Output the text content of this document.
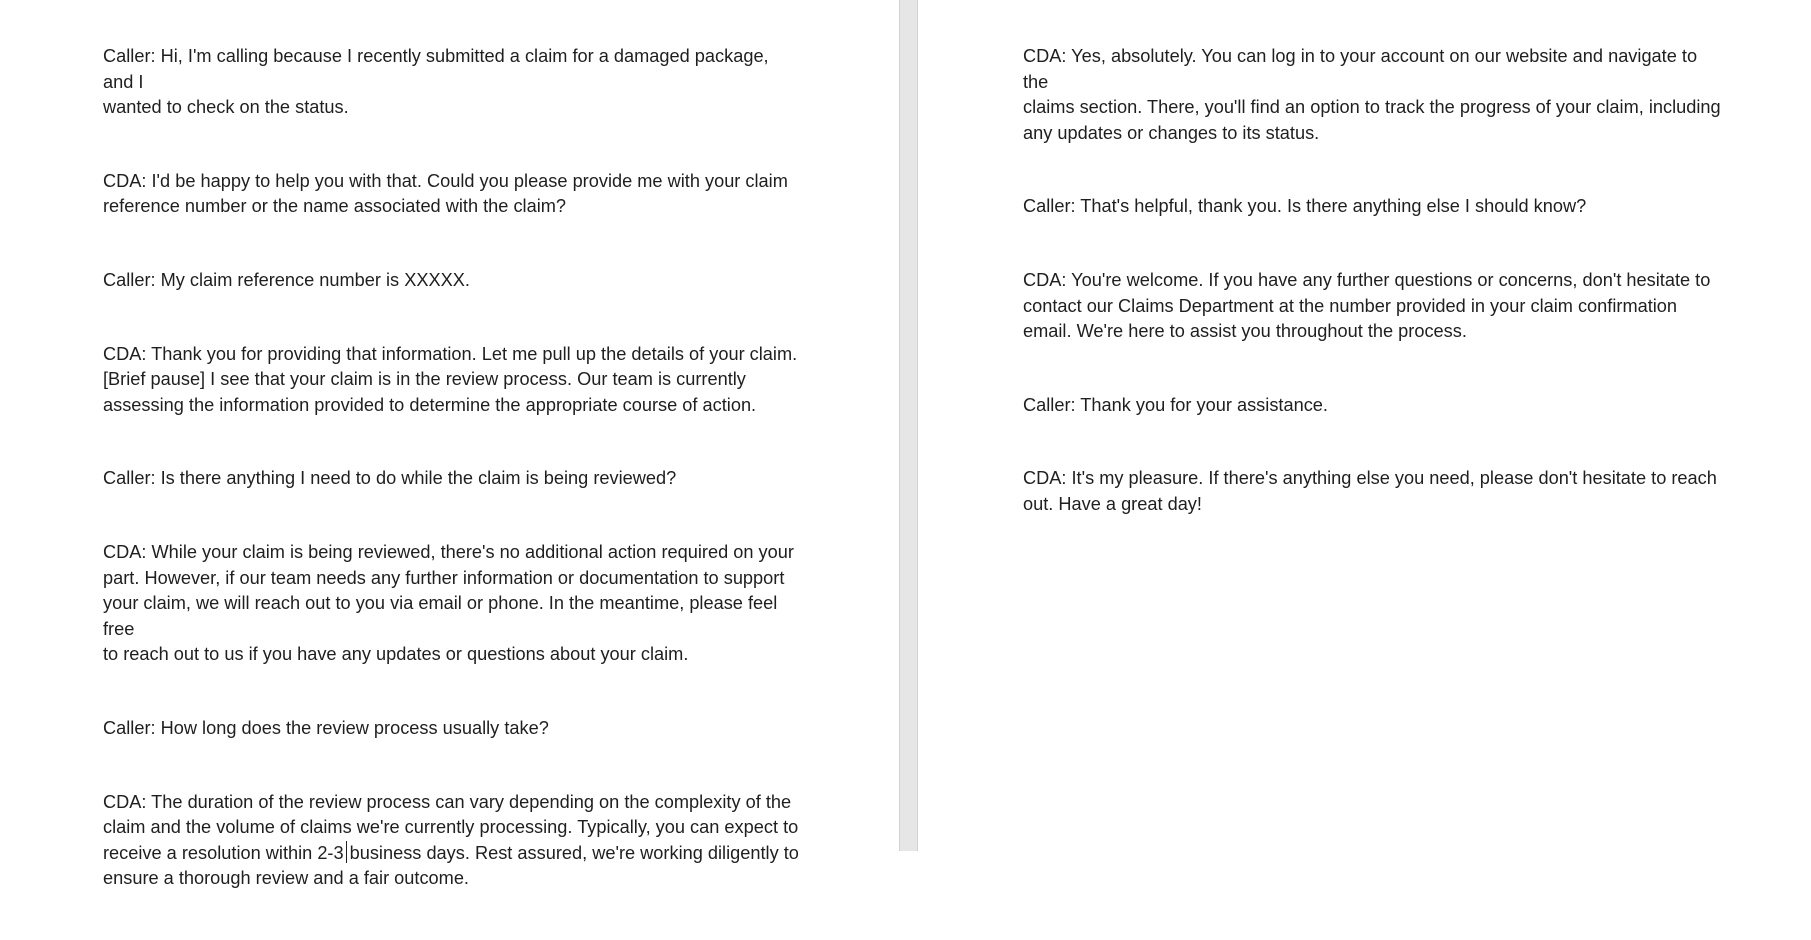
Caller: Hi, I'm calling because I recently submitted a claim for a damaged package, and I
wanted to check on the status.

CDA: I'd be happy to help you with that. Could you please provide me with your claim
reference number or the name associated with the claim?

Caller: My claim reference number is XXXXX.

CDA: Thank you for providing that information. Let me pull up the details of your claim.
[Brief pause] I see that your claim is in the review process. Our team is currently
assessing the information provided to determine the appropriate course of action.

Caller: Is there anything I need to do while the claim is being reviewed?

CDA: While your claim is being reviewed, there's no additional action required on your
part. However, if our team needs any further information or documentation to support
your claim, we will reach out to you via email or phone. In the meantime, please feel free
to reach out to us if you have any updates or questions about your claim.

Caller: How long does the review process usually take?

CDA: The duration of the review process can vary depending on the complexity of the
claim and the volume of claims we're currently processing. Typically, you can expect to
receive a resolution within 2-3 business days. Rest assured, we're working diligently to
ensure a thorough review and a fair outcome.

CDA: Yes, absolutely. You can log in to your account on our website and navigate to the
claims section. There, you'll find an option to track the progress of your claim, including
any updates or changes to its status.

Caller: That's helpful, thank you. Is there anything else I should know?

CDA: You're welcome. If you have any further questions or concerns, don't hesitate to
contact our Claims Department at the number provided in your claim confirmation
email. We're here to assist you throughout the process.

Caller: Thank you for your assistance.

CDA: It's my pleasure. If there's anything else you need, please don't hesitate to reach
out. Have a great day!
